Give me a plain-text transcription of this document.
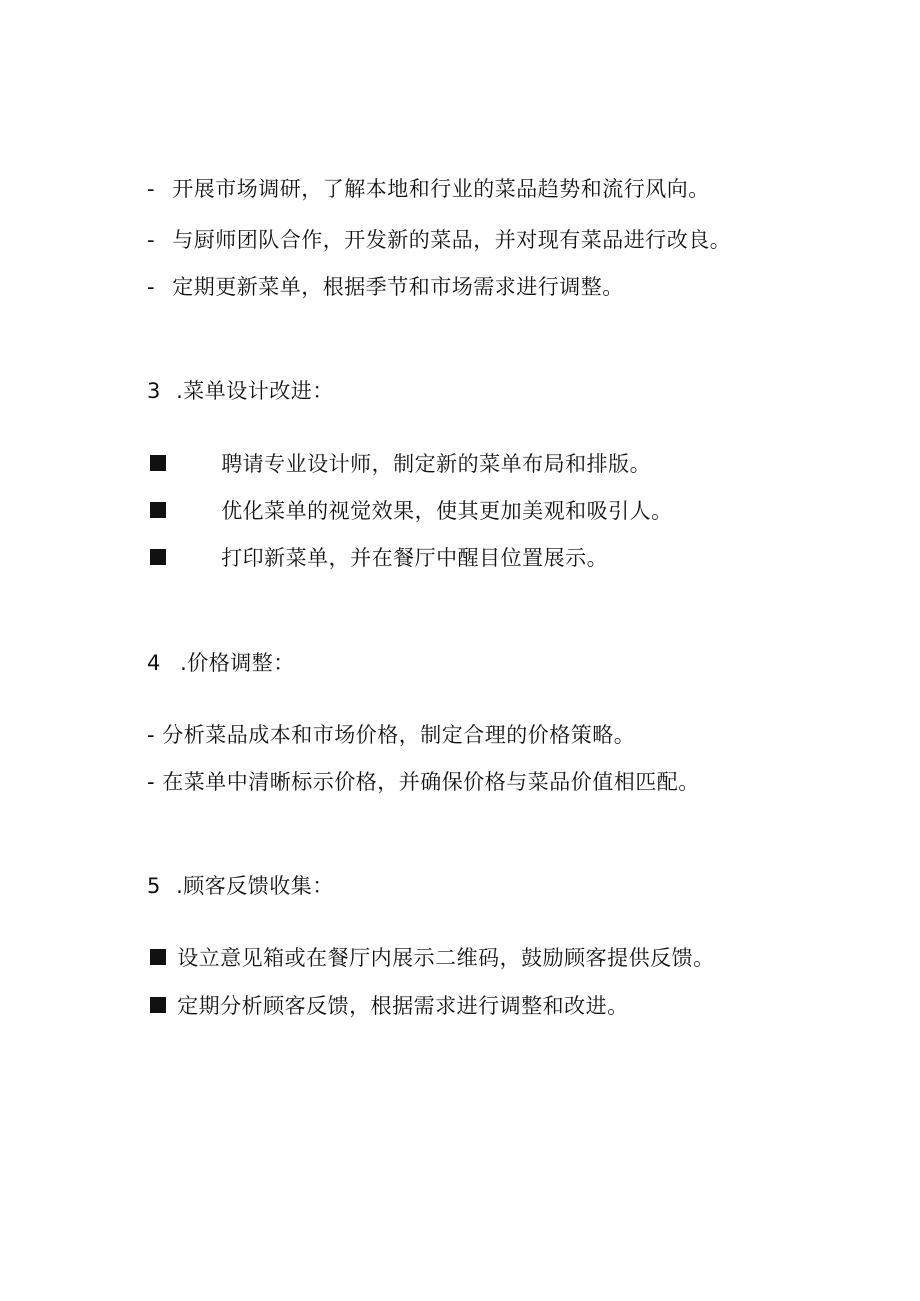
- 开展市场调研，了解本地和行业的菜品趋势和流行风向。
- 与厨师团队合作，开发新的菜品，并对现有菜品进行改良。
- 定期更新菜单，根据季节和市场需求进行调整。
3 .菜单设计改进：
聘请专业设计师，制定新的菜单布局和排版。
优化菜单的视觉效果，使其更加美观和吸引人。
打印新菜单，并在餐厅中醒目位置展示。
4 .价格调整：
- 分析菜品成本和市场价格，制定合理的价格策略。
- 在菜单中清晰标示价格，并确保价格与菜品价值相匹配。
5 .顾客反馈收集：
设立意见箱或在餐厅内展示二维码，鼓励顾客提供反馈。
定期分析顾客反馈，根据需求进行调整和改进。
